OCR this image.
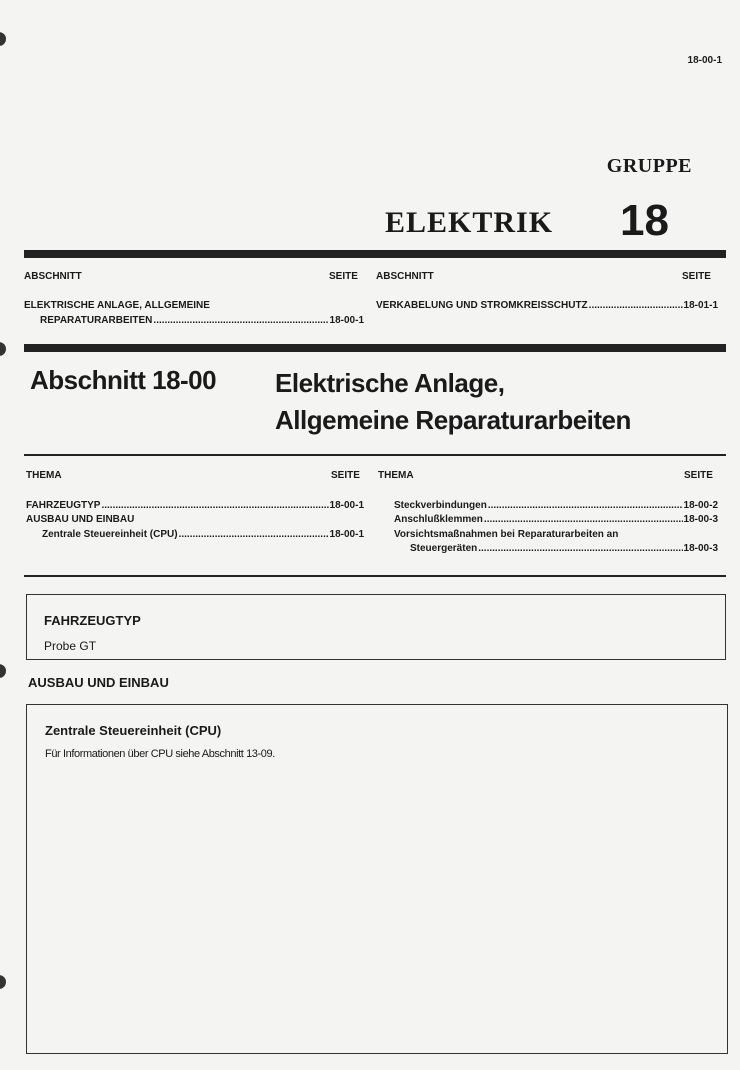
18-00-1
GRUPPE
ELEKTRIK 18
ABSCHNITT	SEITE ABSCHNITT	SEITE
ELEKTRISCHE ANLAGE, ALLGEMEINE
REPARATURARBEITEN .....	18-00-1
VERKABELUNG UND STROMKREISSCHUTZ .....	18-01-1
Abschnitt 18-00 Elektrische Anlage,
Allgemeine Reparaturarbeiten
THEMA	SEITE THEMA	SEITE
FAHRZEUGTYP .....	18-00-1
AUSBAU UND EINBAU
Zentrale Steuereinheit (CPU) .....	18-00-1
Steckverbindungen .....	18-00-2
Anschlußklemmen .....	18-00-3
Vorsichtsmaßnahmen bei Reparaturarbeiten an
Steuergeräten .....	18-00-3
FAHRZEUGTYP
Probe GT
AUSBAU UND EINBAU
Zentrale Steuereinheit (CPU)
Für Informationen über CPU siehe Abschnitt 13-09.
